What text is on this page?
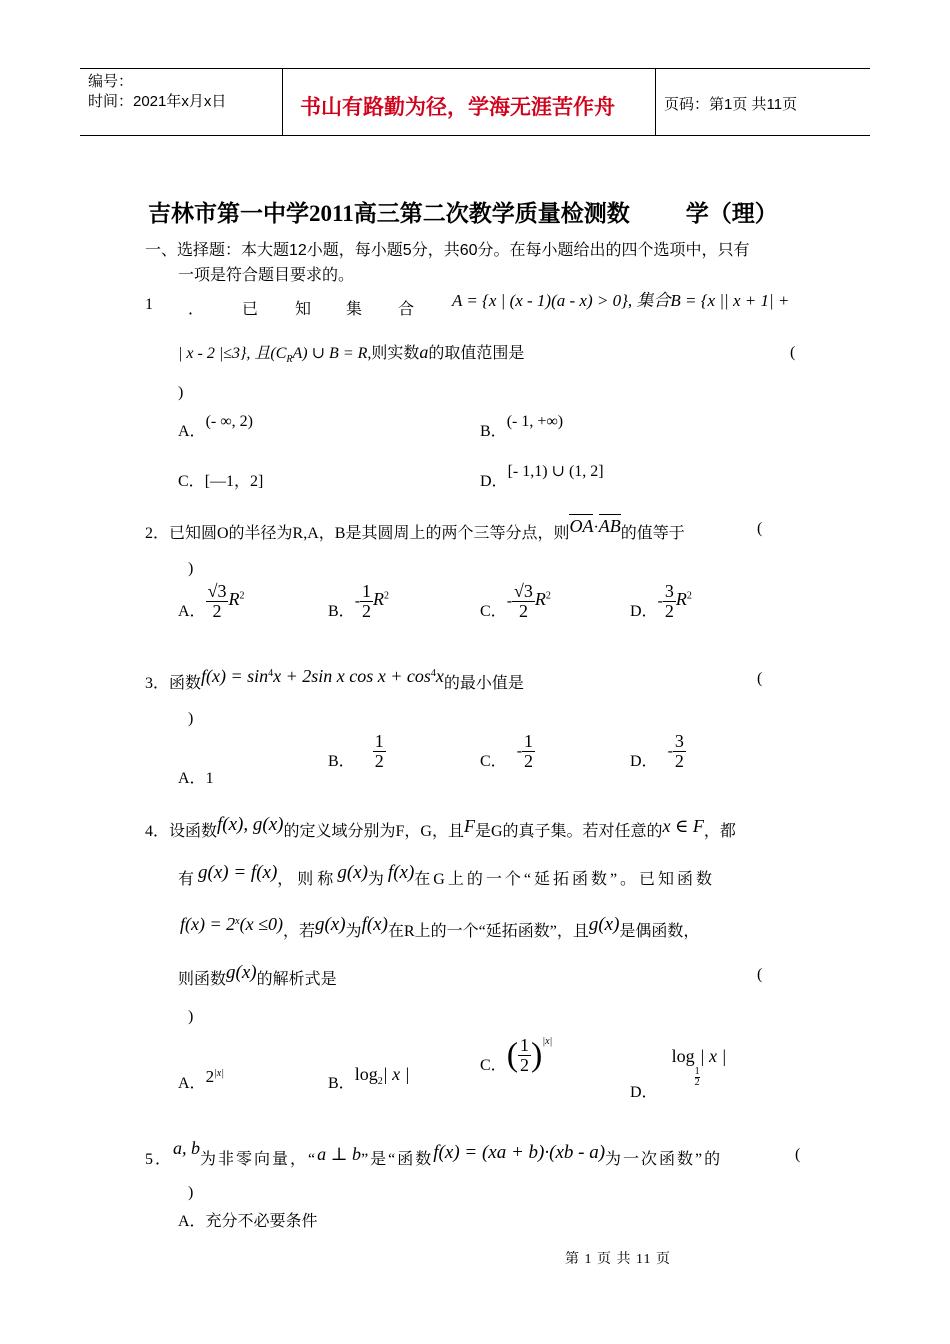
编号：
时间：2021年x月x日	书山有路勤为径，学海无涯苦作舟	页码：第1页 共11页
吉林市第一中学2011高三第二次教学质量检测数 学（理）
一、选择题：本大题12小题，每小题5分，共60分。在每小题给出的四个选项中，只有
一项是符合题目要求的。
1 ． 已 知 集 合 A = {x | (x - 1)(a - x) > 0}, 集合B = {x || x + 1| +
| x - 2 |≤3}, 且$(C_RA)$ ∪ B = R,则实数a的取值范围是	(
)
A．(- ∞, 2)
B．(- 1, +∞)
C．[—1，2]	D．[- 1,1) ∪ (1, 2]
2．已知圆O的半径为R,A，B是其圆周上的两个三等分点，则OA·AB的值等于	(
)
A． $\frac{√3}{2} R^2$
B．- $\frac{1}{2} R^2$
C．- $\frac{√3}{2} R^2$
D．- $\frac{3}{2} R^2$
3．函数$f(x) = \sin^4x + 2\sin$ x $\cos x + \cos^4x$的最小值是	(
)
A．1
B． $\frac{1}{2}$	C．- $\frac{1}{2}$	D．- $\frac{3}{2}$
4．设函数f(x), g(x)的定义域分别为F，G，且F是G的真子集。若对任意的x ∈ F，都
有g(x) = f(x)，则称g(x)为f(x)在G上的一个“延拓函数”。已知函数
$f(x) = 2^x(x \le 0)$，若g(x)为f(x)在R上的一个“延拓函数”，且g(x)是偶函数，
则函数g(x)的解析式是	(
)
A．$2^{|x|}$
B．$\log_2|$ x |	C．( $\frac{1}{2} )^{|x|}$
D．log
$\frac{1}{2}$
| x |
5．a, b为非零向量，“a ⊥ b”是“函数f(x) = (xa + b)·(xb - a)为一次函数”的	(
)
A．充分不必要条件
第 1 页 共 11 页
